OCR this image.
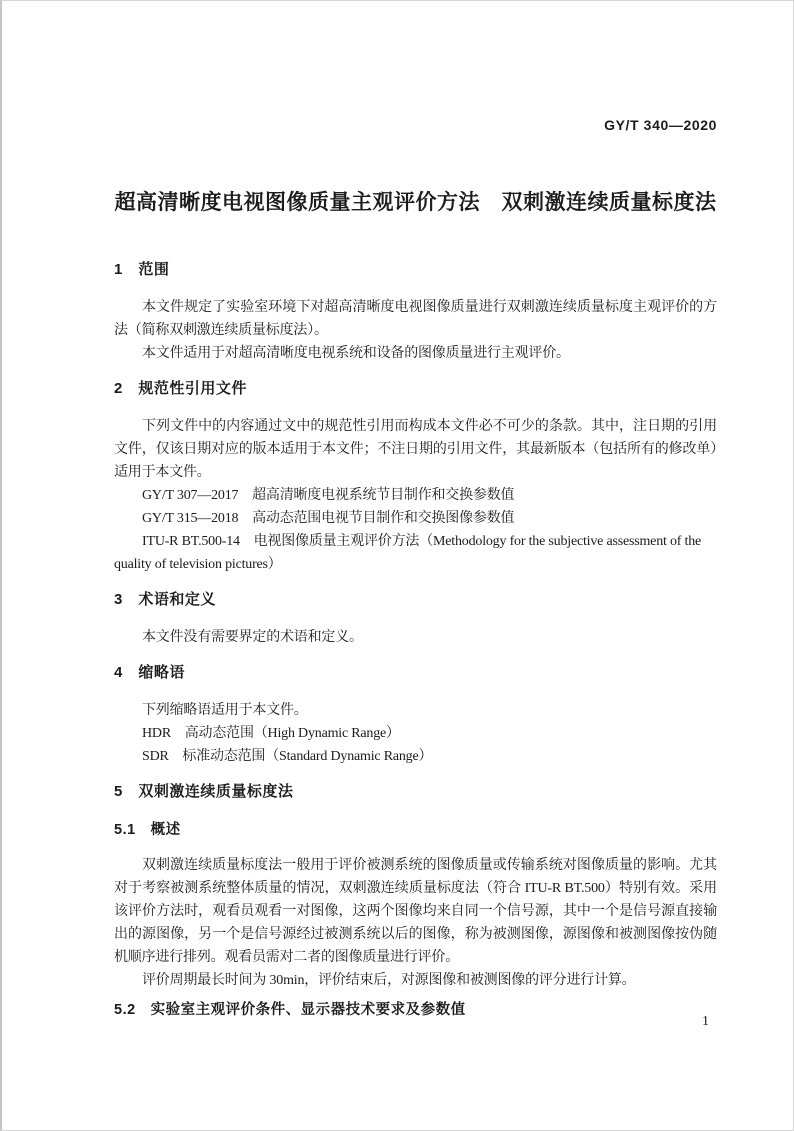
GY/T 340—2020
超高清晰度电视图像质量主观评价方法　双刺激连续质量标度法
1　范围

本文件规定了实验室环境下对超高清晰度电视图像质量进行双刺激连续质量标度主观评价的方法（简称双刺激连续质量标度法）。

本文件适用于对超高清晰度电视系统和设备的图像质量进行主观评价。

2　规范性引用文件

下列文件中的内容通过文中的规范性引用而构成本文件必不可少的条款。其中，注日期的引用文件，仅该日期对应的版本适用于本文件；不注日期的引用文件，其最新版本（包括所有的修改单）适用于本文件。

GY/T 307—2017　超高清晰度电视系统节目制作和交换参数值

GY/T 315—2018　高动态范围电视节目制作和交换图像参数值

ITU-R BT.500-14　电视图像质量主观评价方法（Methodology for the subjective assessment of the quality of television pictures）

3　术语和定义

本文件没有需要界定的术语和定义。

4　缩略语

下列缩略语适用于本文件。

HDR　高动态范围（High Dynamic Range）

SDR　标准动态范围（Standard Dynamic Range）

5　双刺激连续质量标度法
5.1　概述

双刺激连续质量标度法一般用于评价被测系统的图像质量或传输系统对图像质量的影响。尤其对于考察被测系统整体质量的情况，双刺激连续质量标度法（符合 ITU-R BT.500）特别有效。采用该评价方法时，观看员观看一对图像，这两个图像均来自同一个信号源，其中一个是信号源直接输出的源图像，另一个是信号源经过被测系统以后的图像，称为被测图像，源图像和被测图像按伪随机顺序进行排列。观看员需对二者的图像质量进行评价。

评价周期最长时间为 30min，评价结束后，对源图像和被测图像的评分进行计算。

5.2　实验室主观评价条件、显示器技术要求及参数值
1
